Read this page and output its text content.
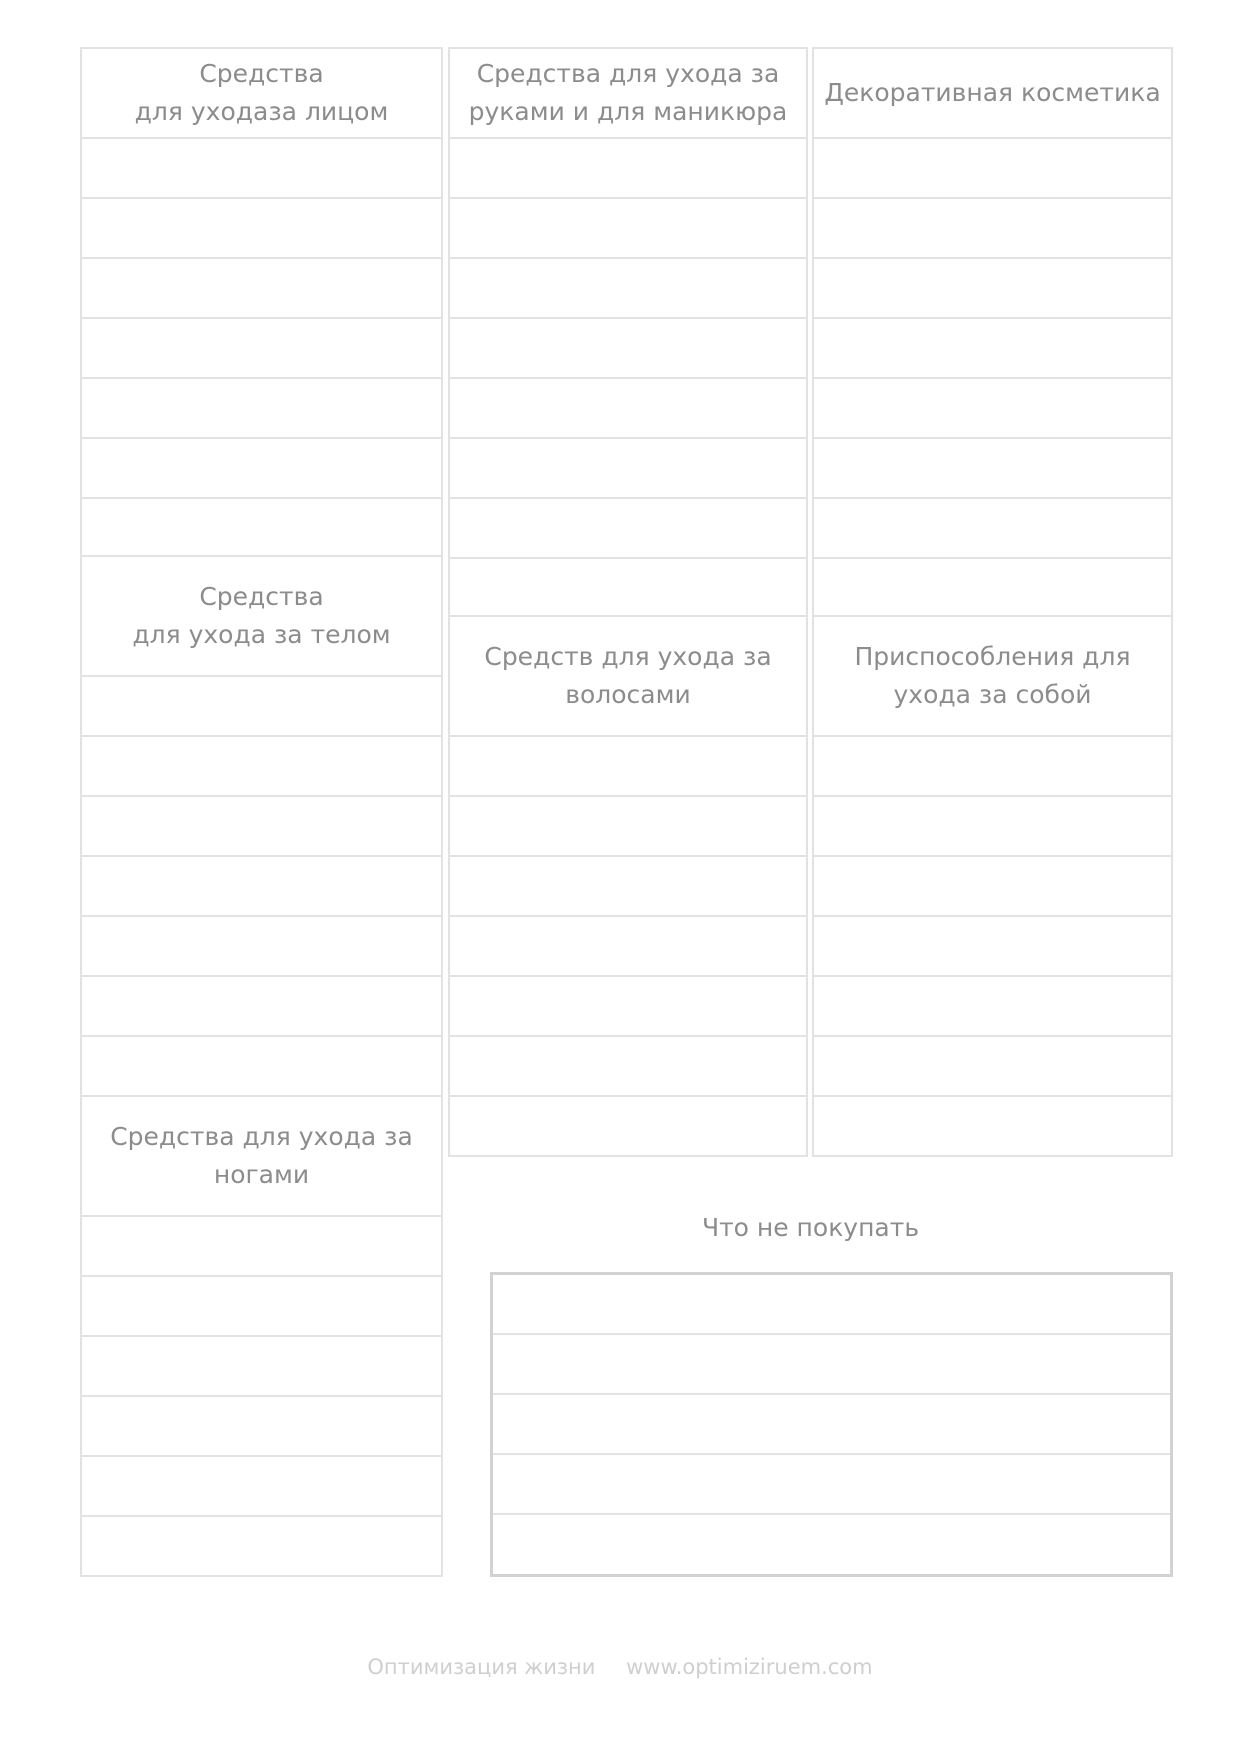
Средства
для уходаза лицом
Средства
для ухода за телом
Средства для ухода за
ногами
Средства для ухода за
руками и для маникюра
Средств для ухода за
волосами
Декоративная косметика
Приспособления для
ухода за собой
Что не покупать
Оптимизация жизни www.optimiziruem.com
